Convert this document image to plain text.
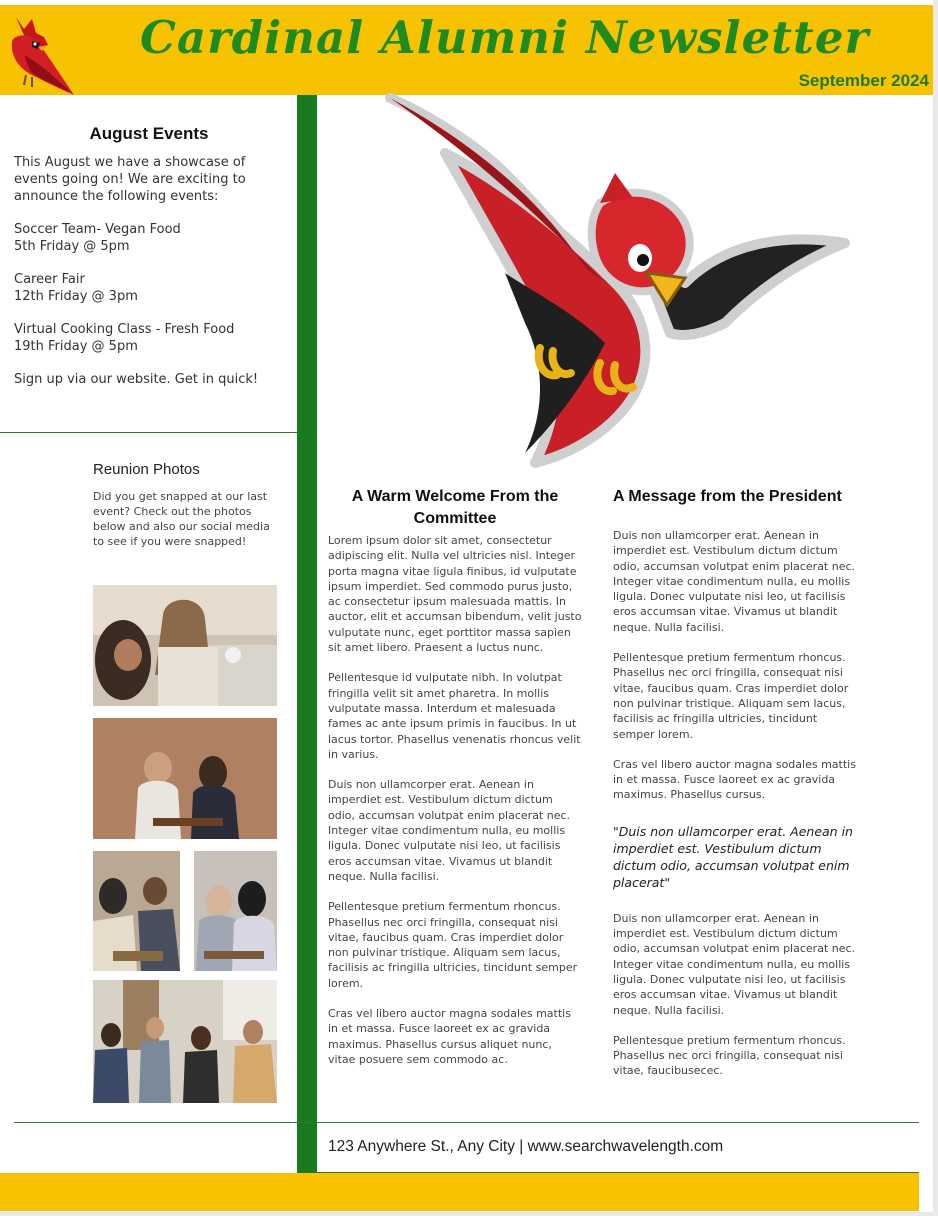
Cardinal Alumni Newsletter
September 2024
August Events

This August we have a showcase of events going on! We are exciting to announce the following events:

Soccer Team- Vegan Food
5th Friday @ 5pm

Career Fair
12th Friday @ 3pm

Virtual Cooking Class - Fresh Food
19th Friday @ 5pm

Sign up via our website. Get in quick!

Reunion Photos

Did you get snapped at our last event? Check out the photos below and also our social media to see if you were snapped!

A Warm Welcome From the Committee

Lorem ipsum dolor sit amet, consectetur adipiscing elit. Nulla vel ultricies nisl. Integer porta magna vitae ligula finibus, id vulputate ipsum imperdiet. Sed commodo purus justo, ac consectetur ipsum malesuada mattis. In auctor, elit et accumsan bibendum, velit justo vulputate nunc, eget porttitor massa sapien sit amet libero. Praesent a luctus nunc.

Pellentesque id vulputate nibh. In volutpat fringilla velit sit amet pharetra. In mollis vulputate massa. Interdum et malesuada fames ac ante ipsum primis in faucibus. In ut lacus tortor. Phasellus venenatis rhoncus velit in varius.

Duis non ullamcorper erat. Aenean in imperdiet est. Vestibulum dictum dictum odio, accumsan volutpat enim placerat nec. Integer vitae condimentum nulla, eu mollis ligula. Donec vulputate nisi leo, ut facilisis eros accumsan vitae. Vivamus ut blandit neque. Nulla facilisi.

Pellentesque pretium fermentum rhoncus. Phasellus nec orci fringilla, consequat nisi vitae, faucibus quam. Cras imperdiet dolor non pulvinar tristique. Aliquam sem lacus, facilisis ac fringilla ultricies, tincidunt semper lorem.

Cras vel libero auctor magna sodales mattis in et massa. Fusce laoreet ex ac gravida maximus. Phasellus cursus aliquet nunc, vitae posuere sem commodo ac.

A Message from the President

Duis non ullamcorper erat. Aenean in imperdiet est. Vestibulum dictum dictum odio, accumsan volutpat enim placerat nec. Integer vitae condimentum nulla, eu mollis ligula. Donec vulputate nisi leo, ut facilisis eros accumsan vitae. Vivamus ut blandit neque. Nulla facilisi.

Pellentesque pretium fermentum rhoncus. Phasellus nec orci fringilla, consequat nisi vitae, faucibus quam. Cras imperdiet dolor non pulvinar tristique. Aliquam sem lacus, facilisis ac fringilla ultricies, tincidunt semper lorem.

Cras vel libero auctor magna sodales mattis in et massa. Fusce laoreet ex ac gravida maximus. Phasellus cursus.

"Duis non ullamcorper erat. Aenean in imperdiet est. Vestibulum dictum dictum odio, accumsan volutpat enim placerat"

Duis non ullamcorper erat. Aenean in imperdiet est. Vestibulum dictum dictum odio, accumsan volutpat enim placerat nec. Integer vitae condimentum nulla, eu mollis ligula. Donec vulputate nisi leo, ut facilisis eros accumsan vitae. Vivamus ut blandit neque. Nulla facilisi.

Pellentesque pretium fermentum rhoncus. Phasellus nec orci fringilla, consequat nisi vitae, faucibusecec.

123 Anywhere St., Any City | www.searchwavelength.com
